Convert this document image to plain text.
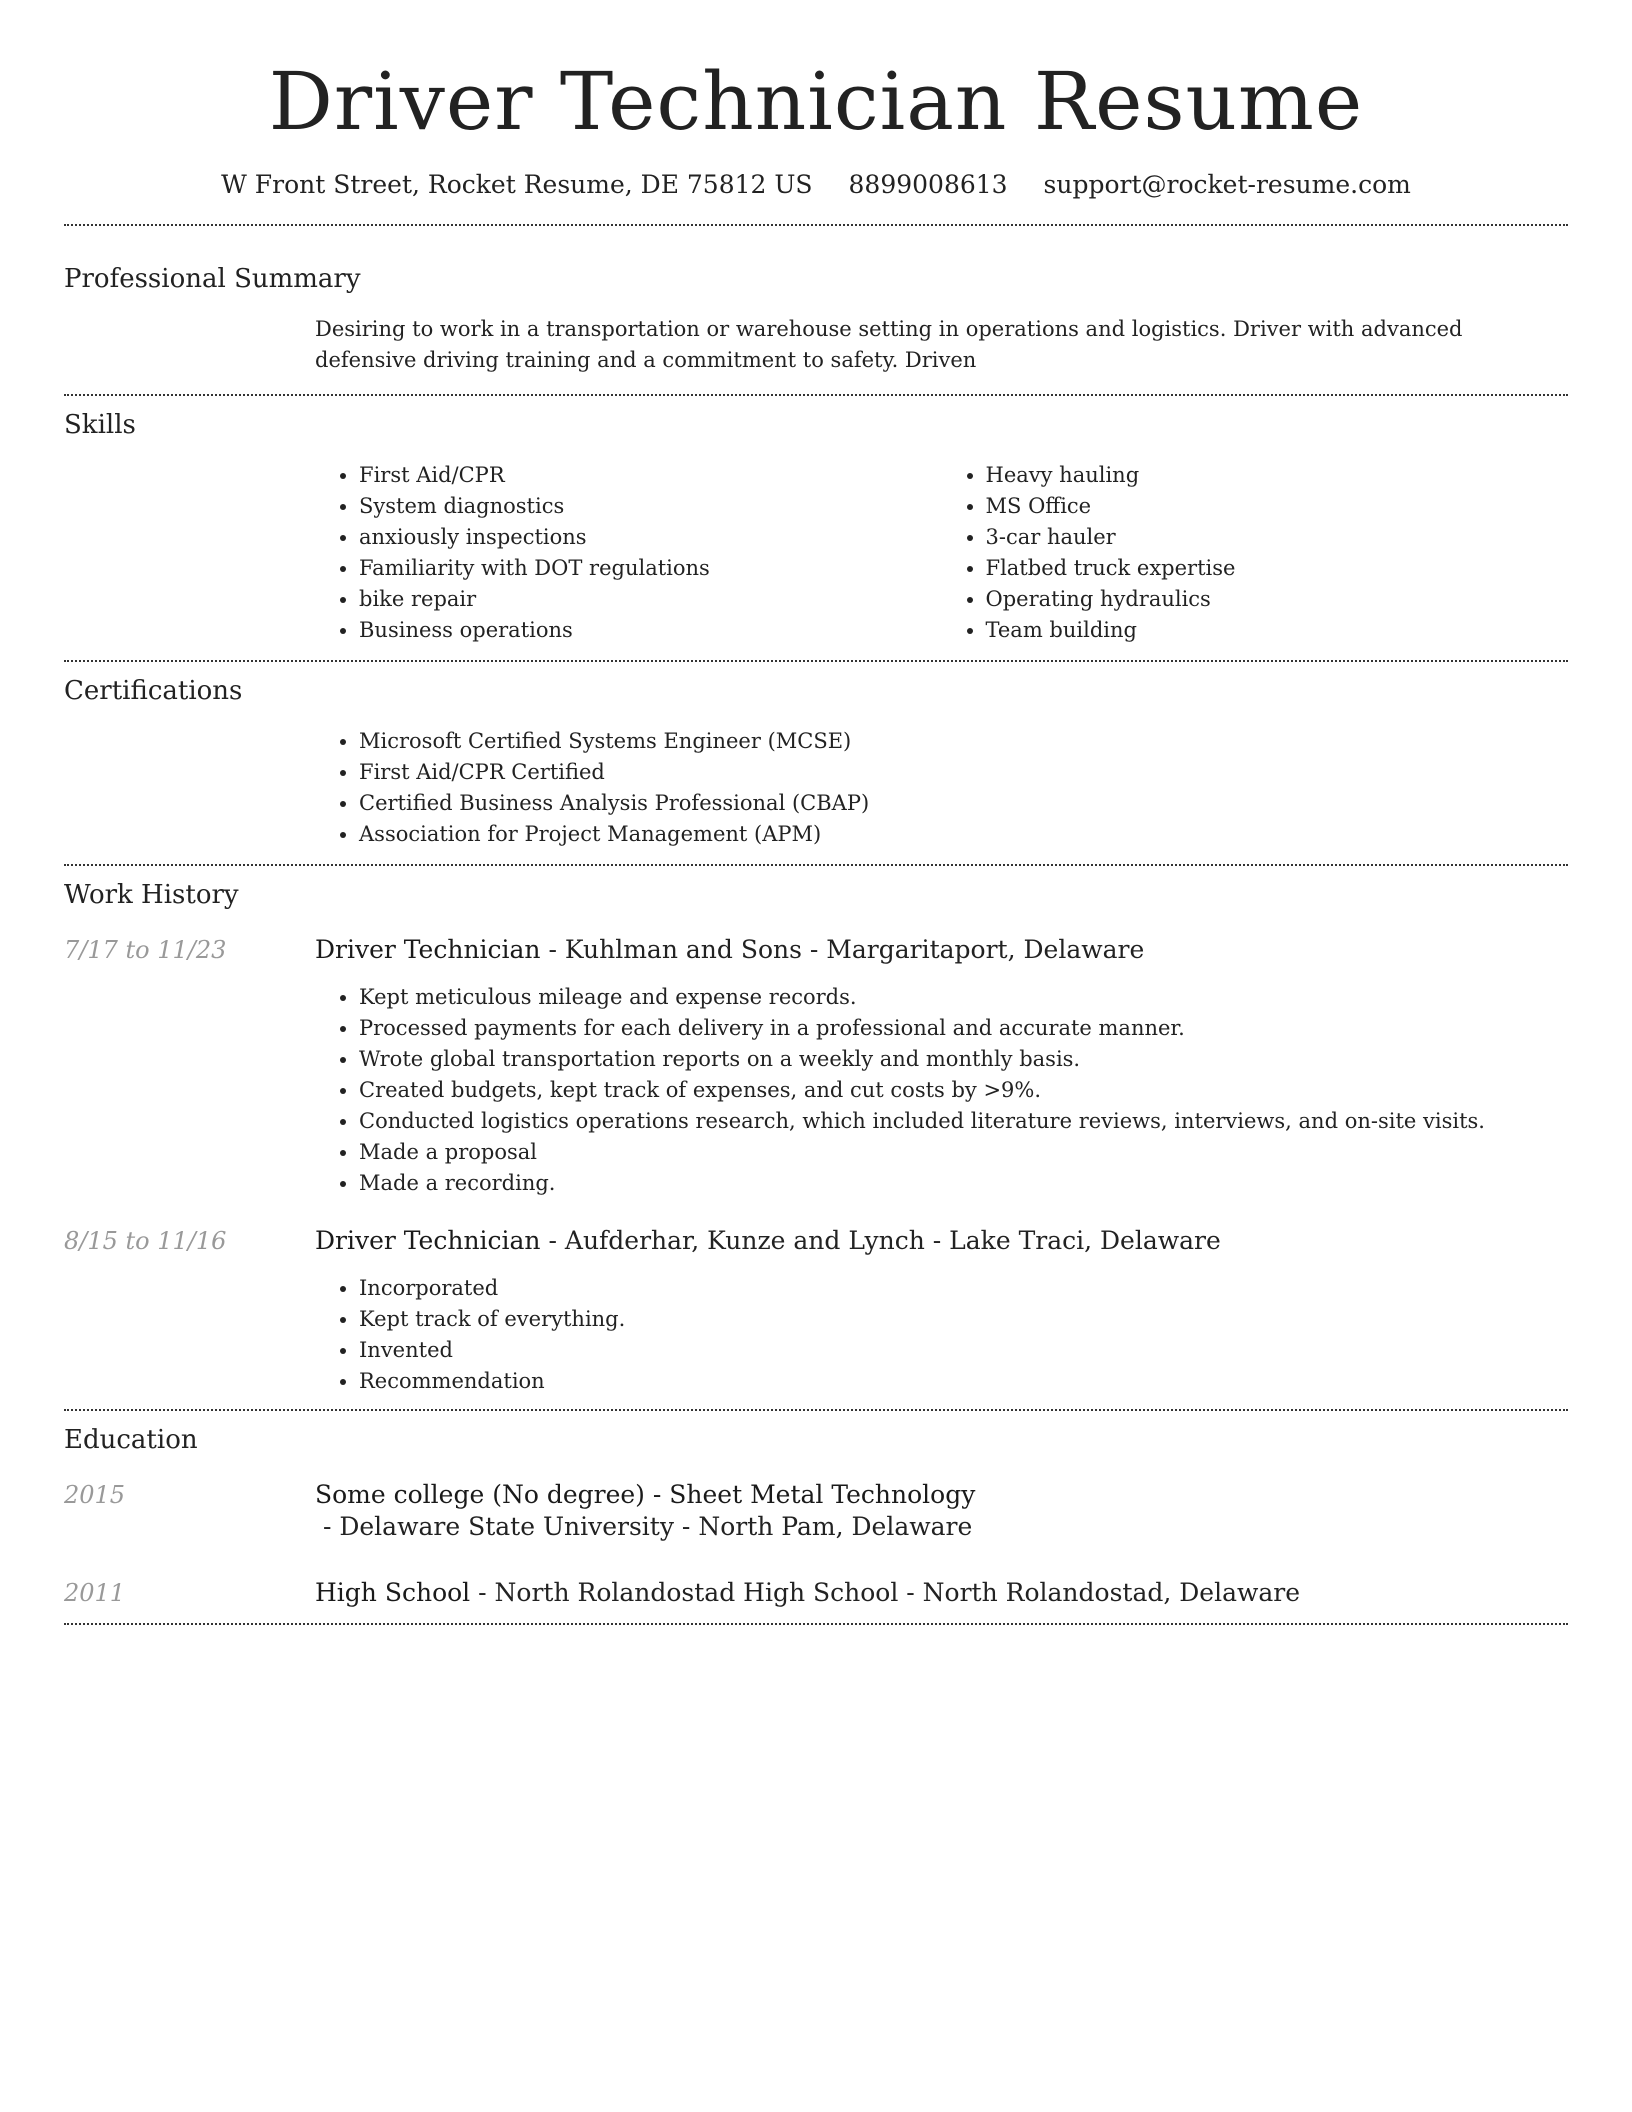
Driver Technician Resume
W Front Street, Rocket Resume, DE 75812 US 8899008613 support@rocket-resume.com
Professional Summary
Desiring to work in a transportation or warehouse setting in operations and logistics. Driver with advanced defensive driving training and a commitment to safety. Driven
Skills
• First Aid/CPR
• System diagnostics
• anxiously inspections
• Familiarity with DOT regulations
• bike repair
• Business operations
• Heavy hauling
• MS Office
• 3-car hauler
• Flatbed truck expertise
• Operating hydraulics
• Team building
Certifications
• Microsoft Certified Systems Engineer (MCSE)
• First Aid/CPR Certified
• Certified Business Analysis Professional (CBAP)
• Association for Project Management (APM)
Work History
7/17 to 11/23	Driver Technician - Kuhlman and Sons - Margaritaport, Delaware
• Kept meticulous mileage and expense records.
• Processed payments for each delivery in a professional and accurate manner.
• Wrote global transportation reports on a weekly and monthly basis.
• Created budgets, kept track of expenses, and cut costs by >9%.
• Conducted logistics operations research, which included literature reviews, interviews, and on-site visits.
• Made a proposal
• Made a recording.
8/15 to 11/16	Driver Technician - Aufderhar, Kunze and Lynch - Lake Traci, Delaware
• Incorporated
• Kept track of everything.
• Invented
• Recommendation
Education
2015	Some college (No degree) - Sheet Metal Technology - Delaware State University - North Pam, Delaware
2011	High School - North Rolandostad High School - North Rolandostad, Delaware
